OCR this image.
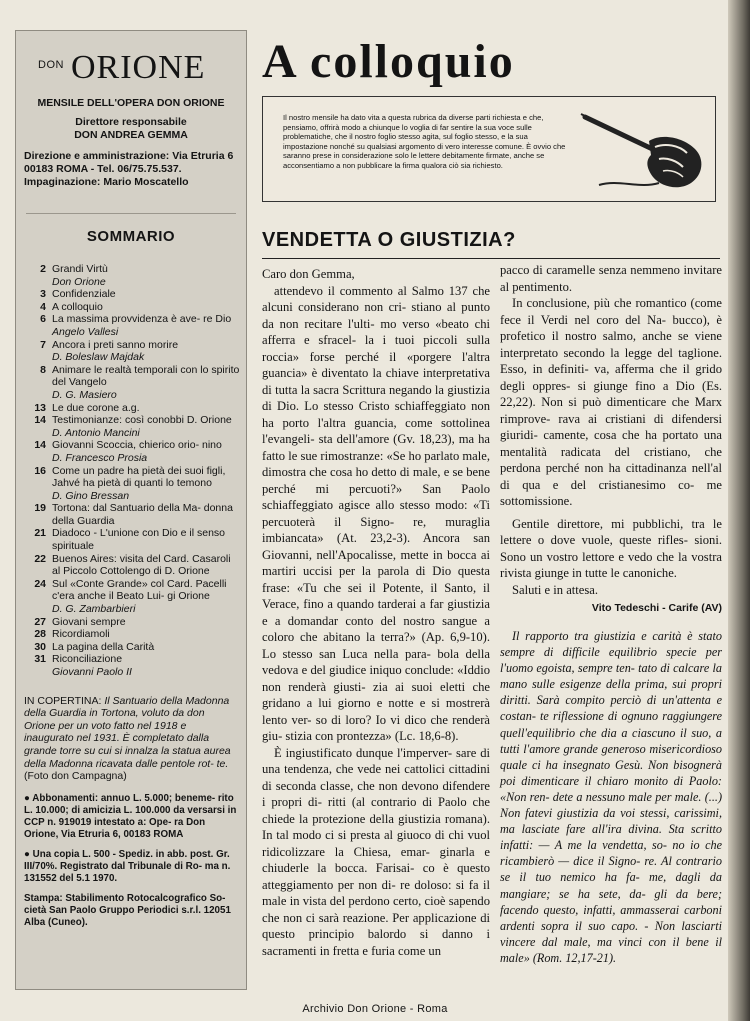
DON ORIONE
MENSILE DELL'OPERA DON ORIONE
Direttore responsabile
DON ANDREA GEMMA
Direzione e amministrazione: Via Etruria 6
00183 ROMA - Tel. 06/75.75.537.
Impaginazione: Mario Moscatello
SOMMARIO
2 Grandi Virtù
Don Orione
3 Confidenziale
4 A colloquio
6 La massima provvidenza è ave- re Dio
Angelo Vallesi
7 Ancora i preti sanno morire
D. Boleslaw Majdak
8 Animare le realtà temporali con lo spirito del Vangelo
D. G. Masiero
13 Le due corone a.g.
14 Testimonianze: così conobbi D. Orione
D. Antonio Mancini
14 Giovanni Scoccia, chierico orio- nino
D. Francesco Prosia
16 Come un padre ha pietà dei suoi figli, Jahvé ha pietà di quanti lo temono
D. Gino Bressan
19 Tortona: dal Santuario della Ma- donna della Guardia
21 Diadoco - L'unione con Dio e il senso spirituale
22 Buenos Aires: visita del Card. Casaroli al Piccolo Cottolengo di D. Orione
24 Sul «Conte Grande» col Card. Pacelli c'era anche il Beato Lui- gi Orione
D. G. Zambarbieri
27 Giovani sempre
28 Ricordiamoli
30 La pagina della Carità
31 Riconciliazione
Giovanni Paolo II
IN COPERTINA: Il Santuario della Madonna della Guardia in Tortona, voluto da don Orione per un voto fatto nel 1918 e inaugurato nel 1931. È completato dalla grande torre su cui si innalza la statua aurea della Madonna ricavata dalle pentole rot- te. (Foto don Campagna)

● Abbonamenti: annuo L. 5.000; beneme- rito L. 10.000; di amicizia L. 100.000 da versarsi in CCP n. 919019 intestato a: Ope- ra Don Orione, Via Etruria 6, 00183 ROMA

● Una copia L. 500 - Spediz. in abb. post. Gr. III/70%. Registrato dal Tribunale di Ro- ma n. 131552 del 5.1 1970.

Stampa: Stabilimento Rotocalcografico So- cietà San Paolo Gruppo Periodici s.r.l. 12051 Alba (Cuneo).

A colloquio
Il nostro mensile ha dato vita a questa rubrica da diverse parti richiesta e che, pensiamo, offrirà modo a chiunque lo voglia di far sentire la sua voce sulle problematiche, che il nostro foglio stesso agita, sul foglio stesso, e la sua impostazione nonché su qualsiasi argomento di vero interesse comune. È ovvio che saranno prese in considerazione solo le lettere debitamente firmate, anche se acconsentiamo a non pubblicare la firma qualora ciò sia richiesto.
VENDETTA O GIUSTIZIA?

Caro don Gemma,

attendevo il commento al Salmo 137 che alcuni considerano non cri- stiano al punto da non recitare l'ulti- mo verso «beato chi afferra e sfracel- la i tuoi piccoli sulla roccia» forse perché il «porgere l'altra guancia» è diventato la chiave interpretativa di tutta la sacra Scrittura negando la giustizia di Dio. Lo stesso Cristo schiaffeggiato non ha porto l'altra guancia, come sottolinea l'evangeli- sta dell'amore (Gv. 18,23), ma ha fatto le sue rimostranze: «Se ho parlato male, dimostra che cosa ho detto di male, e se bene perché mi percuoti?» San Paolo schiaffeggiato agisce allo stesso modo: «Ti percuoterà il Signo- re, muraglia imbiancata» (At. 23,2-3). Ancora san Giovanni, nell'Apocalisse, mette in bocca ai martiri uccisi per la parola di Dio questa frase: «Tu che sei il Potente, il Santo, il Verace, fino a quando tarderai a far giustizia e a domandar conto del nostro sangue a coloro che abitano la terra?» (Ap. 6,9-10). Lo stesso san Luca nella para- bola della vedova e del giudice iniquo conclude: «Iddio non renderà giusti- zia ai suoi eletti che gridano a lui giorno e notte e si mostrerà lento ver- so di loro? Io vi dico che renderà giu- stizia con prontezza» (Lc. 18,6-8).

È ingiustificato dunque l'imperver- sare di una tendenza, che vede nei cattolici cittadini di seconda classe, che non devono difendere i propri di- ritti (al contrario di Paolo che chiede la protezione della giustizia romana). In tal modo ci si presta al giuoco di chi vuol ridicolizzare la Chiesa, emar- ginarla e chiuderle la bocca. Farisai- co è questo atteggiamento per non di- re doloso: si fa il male in vista del perdono certo, cioè sapendo che non ci sarà reazione. Per applicazione di questo principio balordo si danno i sacramenti in fretta e furia come un

pacco di caramelle senza nemmeno invitare al pentimento.

In conclusione, più che romantico (come fece il Verdi nel coro del Na- bucco), è profetico il nostro salmo, anche se viene interpretato secondo la legge del taglione. Esso, in definiti- va, afferma che il grido degli oppres- si giunge fino a Dio (Es. 22,22). Non si può dimenticare che Marx rimprove- rava ai cristiani di difendersi giuridi- camente, cosa che ha portato una mentalità radicata del cristiano, che perdona perché non ha cittadinanza nell'al di qua e del cristianesimo co- me sottomissione.

Gentile direttore, mi pubblichi, tra le lettere o dove vuole, queste rifles- sioni. Sono un vostro lettore e vedo che la vostra rivista giunge in tutte le canoniche.

Saluti e in attesa.

Vito Tedeschi - Carife (AV)

Il rapporto tra giustizia e carità è stato sempre di difficile equilibrio specie per l'uomo egoista, sempre ten- tato di calcare la mano sulle esigenze della prima, sui propri diritti. Sarà compito perciò di un'attenta e costan- te riflessione di ognuno raggiungere quell'equilibrio che dia a ciascuno il suo, a tutti l'amore grande generoso misericordioso quale ci ha insegnato Gesù. Non bisognerà poi dimenticare il chiaro monito di Paolo: «Non ren- dete a nessuno male per male. (...) Non fatevi giustizia da voi stessi, carissimi, ma lasciate fare all'ira divina. Sta scritto infatti: — A me la vendetta, so- no io che ricambierò — dice il Signo- re. Al contrario se il tuo nemico ha fa- me, dagli da mangiare; se ha sete, da- gli da bere; facendo questo, infatti, ammasserai carboni ardenti sopra il suo capo. - Non lasciarti vincere dal male, ma vinci con il bene il male» (Rom. 12,17-21).

Archivio Don Orione - Roma
